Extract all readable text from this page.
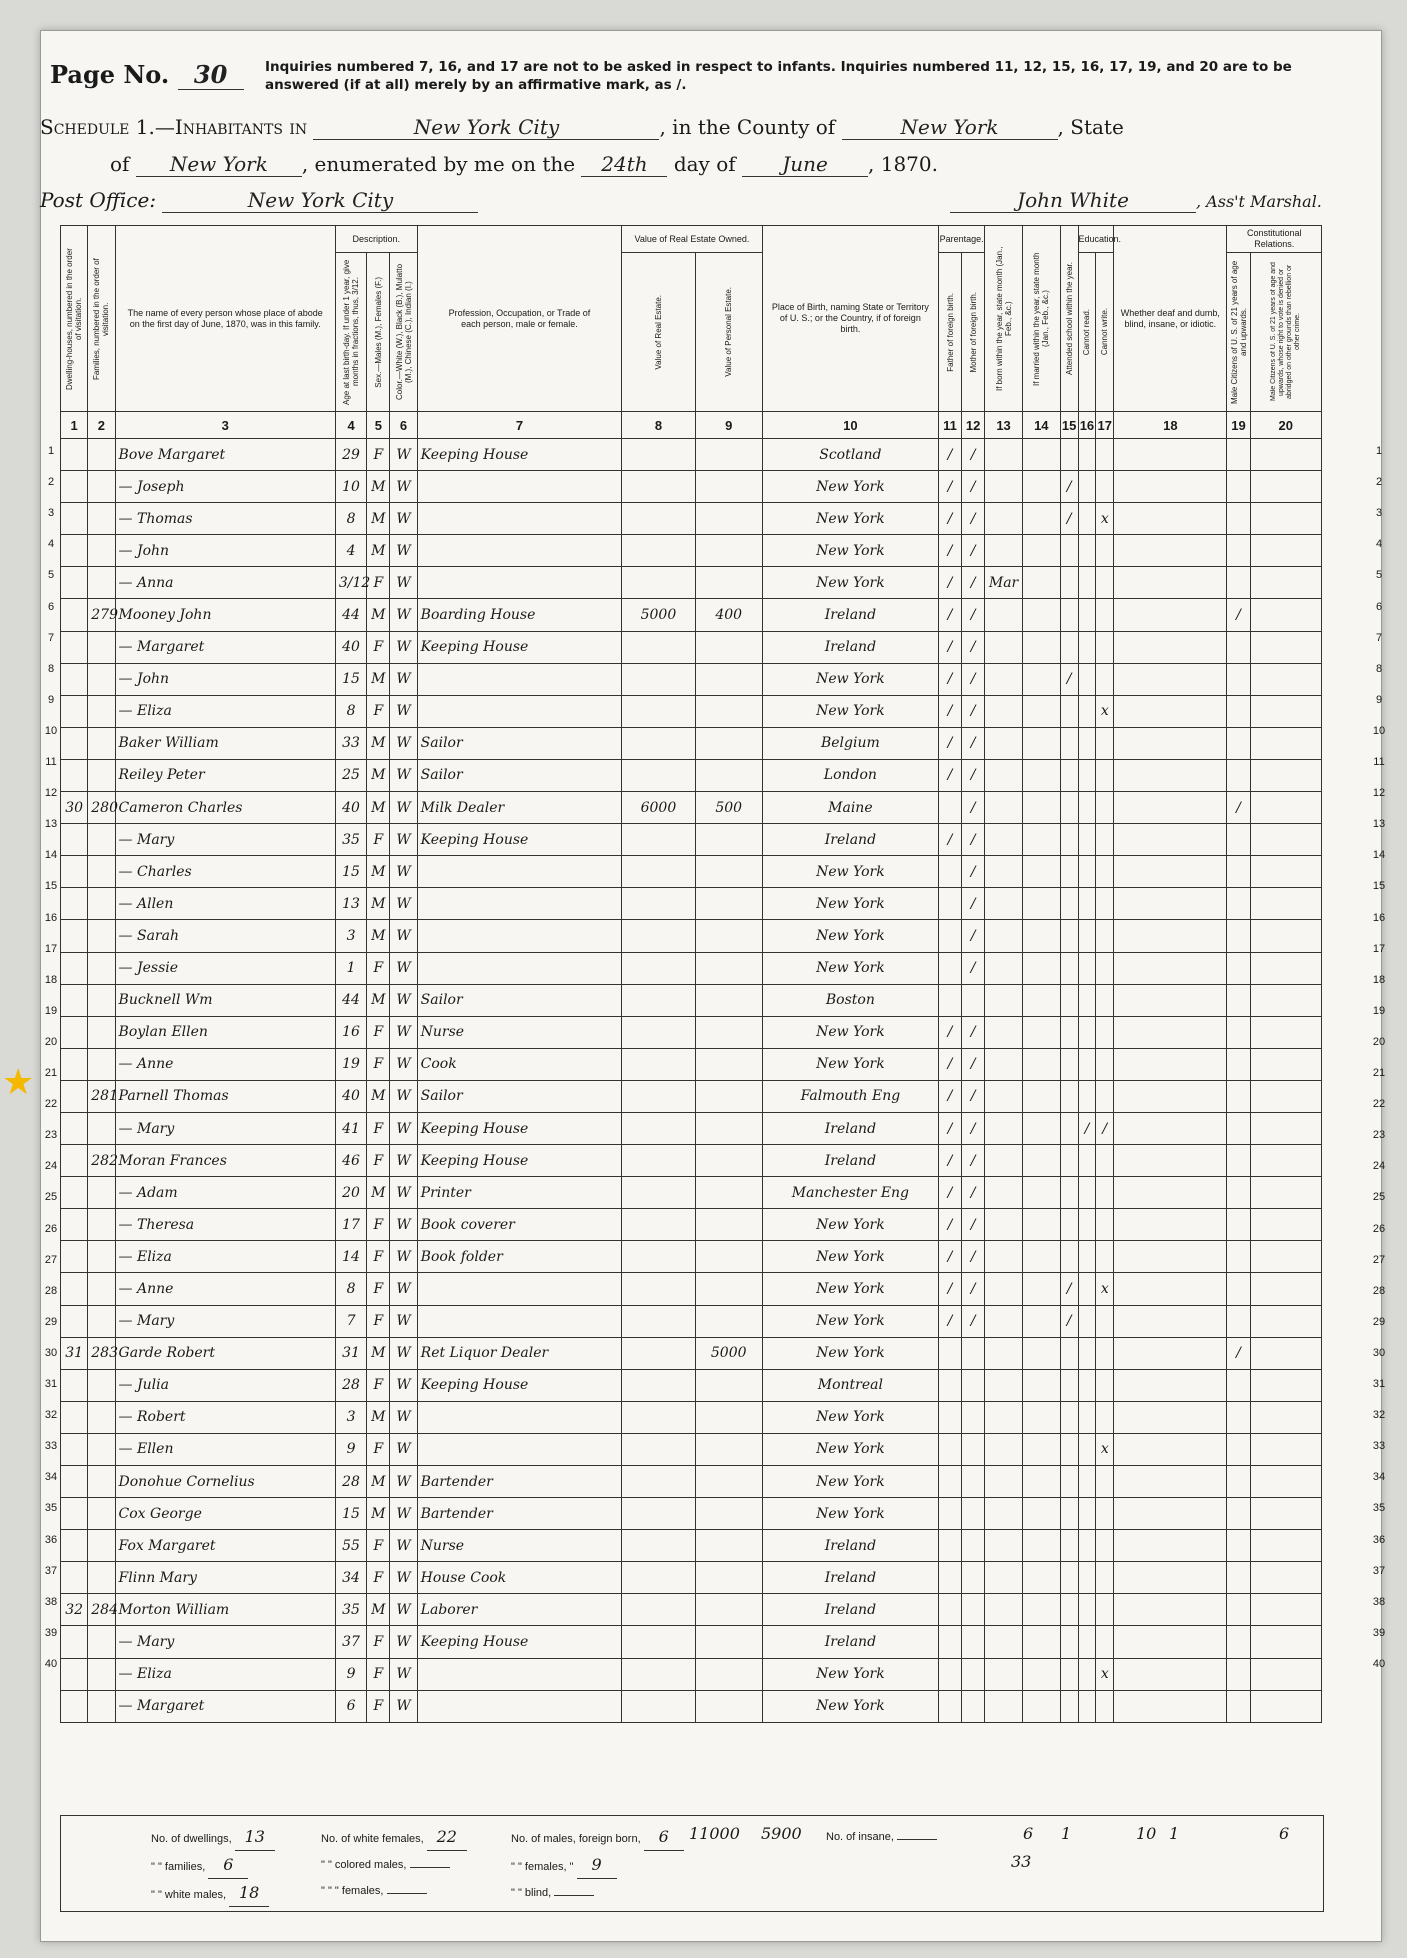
★
Page No. 30	Inquiries numbered 7, 16, and 17 are not to be asked in respect to infants. Inquiries numbered 11, 12, 15, 16, 17, 19, and 20 are to be answered (if at all) merely by an affirmative mark, as /.
Schedule 1.—Inhabitants in	New York City	, in the County of	New York	, State
of New York , enumerated by me on the 24th day of June , 1870.
Post Office:	New York City	John White	, Ass't Marshal.
Dwelling-houses, numbered in the order of visitation.	Families, numbered in the order of visitation.	The name of every person whose place of abode on the first day of June, 1870, was in this family.	Description.			Profession, Occupation, or Trade of each person, male or female.	Value of Real Estate Owned.		Place of Birth, naming State or Territory of U. S.; or the Country, if of foreign birth.	Parentage.		If born within the year, state month (Jan., Feb., &c.)	If married within the year, state month (Jan., Feb., &c.)	Attended school within the year.	Education.		Whether deaf and dumb, blind, insane, or idiotic.	Constitutional Relations.	

			Age at last birth-day. If under 1 year, give months in fractions, thus, 3/12.	Sex.—Males (M.), Females (F.)	Color.—White (W.), Black (B.), Mulatto (M.), Chinese (C.), Indian (I.)		Value of Real Estate.	Value of Personal Estate.		Father of foreign birth.	Mother of foreign birth.				Cannot read.	Cannot write.		Male Citizens of U. S. of 21 years of age and upwards.	Male Citizens of U. S. of 21 years of age and upwards, whose right to vote is denied or abridged on other grounds than rebellion or other crime.

1	2	3	4	5	6	7	8	9	10	11	12	13	14	15	16	17	18	19	20
		Bove Margaret	29	F	W	Keeping House			Scotland	/	/								
		— Joseph	10	M	W				New York	/	/			/					
		— Thomas	8	M	W				New York	/	/			/		x			
		— John	4	M	W				New York	/	/								
		— Anna	3/12	F	W				New York	/	/	Mar							
	279	Mooney John	44	M	W	Boarding House	5000	400	Ireland	/	/							/	
		— Margaret	40	F	W	Keeping House			Ireland	/	/								
		— John	15	M	W				New York	/	/			/					
		— Eliza	8	F	W				New York	/	/					x			
		Baker William	33	M	W	Sailor			Belgium	/	/								
		Reiley Peter	25	M	W	Sailor			London	/	/								
30	280	Cameron Charles	40	M	W	Milk Dealer	6000	500	Maine		/							/	
		— Mary	35	F	W	Keeping House			Ireland	/	/								
		— Charles	15	M	W				New York		/								
		— Allen	13	M	W				New York		/								
		— Sarah	3	M	W				New York		/								
		— Jessie	1	F	W				New York		/								
		Bucknell Wm	44	M	W	Sailor			Boston										
		Boylan Ellen	16	F	W	Nurse			New York	/	/								
		— Anne	19	F	W	Cook			New York	/	/								
	281	Parnell Thomas	40	M	W	Sailor			Falmouth Eng	/	/								
		— Mary	41	F	W	Keeping House			Ireland	/	/				/	/			
	282	Moran Frances	46	F	W	Keeping House			Ireland	/	/								
		— Adam	20	M	W	Printer			Manchester Eng	/	/								
		— Theresa	17	F	W	Book coverer			New York	/	/								
		— Eliza	14	F	W	Book folder			New York	/	/								
		— Anne	8	F	W				New York	/	/			/		x			
		— Mary	7	F	W				New York	/	/			/					
31	283	Garde Robert	31	M	W	Ret Liquor Dealer		5000	New York									/	
		— Julia	28	F	W	Keeping House			Montreal										
		— Robert	3	M	W				New York										
		— Ellen	9	F	W				New York							x			
		Donohue Cornelius	28	M	W	Bartender			New York										
		Cox George	15	M	W	Bartender			New York										
		Fox Margaret	55	F	W	Nurse			Ireland										
		Flinn Mary	34	F	W	House Cook			Ireland										
32	284	Morton William	35	M	W	Laborer			Ireland										
		— Mary	37	F	W	Keeping House			Ireland										
		— Eliza	9	F	W				New York							x			
		— Margaret	6	F	W				New York										
1
2
3
4
5
6
7
8
9
10
11
12
13
14
15
16
17
18
19
20
21
22
23
24
25
26
27
28
29
30
31
32
33
34
35
36
37
38
39
40
1
2
3
4
5
6
7
8
9
10
11
12
13
14
15
16
17
18
19
20
21
22
23
24
25
26
27
28
29
30
31
32
33
34
35
36
37
38
39
40
No. of dwellings, 13
" " families, 6
" " white males, 18
No. of white females, 22
" " colored males,
" " " females,
No. of males, foreign born, 6
" " females, " 9
" " blind,
11000 5900 No. of insane,	6
33
1	10 1	6
